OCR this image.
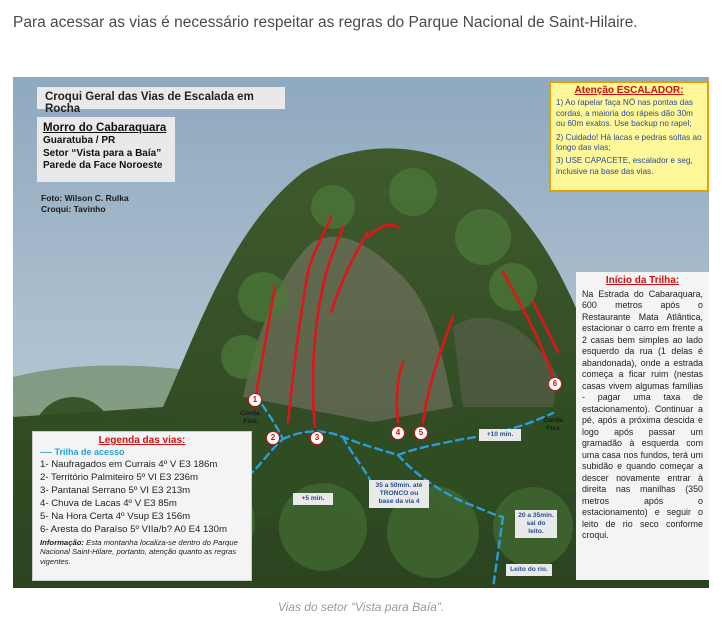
Para acessar as vias é necessário respeitar as regras do Parque Nacional de Saint-Hilaire.
Croqui Geral das Vias de Escalada em Rocha
Morro do Cabaraquara
Guaratuba / PR
Setor “Vista para a Baía”
Parede da Face Noroeste
Foto: Wilson C. Rulka
Croqui: Tavinho
Atenção ESCALADOR:

1) Ao rapelar faça NÓ nas pontas das cordas, a maioria dos rápeis dão 30m ou 60m exatos. Use backup no rapel;

2) Cuidado! Há lacas e pedras soltas ao longo das vias;

3) USE CAPACETE, escalador e seg, inclusive na base das vias.

Início da Trilha:
Na Estrada do Cabaraquara, 600 metros após o Restaurante Mata Atlântica, estacionar o carro em frente a 2 casas bem simples ao lado esquerdo da rua (1 delas é abandonada), onde a estrada começa a ficar ruim (nestas casas vivem algumas famílias - pagar uma taxa de estacionamento). Continuar a pé, após a próxima descida e logo após passar um gramadão à esquerda com uma casa nos fundos, terá um subidão e quando começar a descer novamente entrar à direita nas manilhas (350 metros após o estacionamento) e seguir o leito de rio seco conforme croqui.
Legenda das vias:
---- Trilha de acesso
1- Naufragados em Currais 4º V E3 186m
2- Território Palmiteiro 5º VI E3 236m
3- Pantanal Serrano 5º VI E3 213m
4- Chuva de Lacas 4º V E3 85m
5- Na Hora Certa 4º Vsup E3 156m
6- Aresta do Paraíso 5º VIIa/b? A0 E4 130m
Informação: Esta montanha localiza-se dentro do Parque Nacional Saint-Hilare, portanto, atenção quanto as regras vigentes.
1
2	3
4	5
6
Corda Fixa	Corda Fixa
+5 min.
+10 min.
35 a 50min. até TRONCO ou base da via 4
20 a 35min. sai do leito.
Leito do rio.
Vias do setor “Vista para Baía”.
